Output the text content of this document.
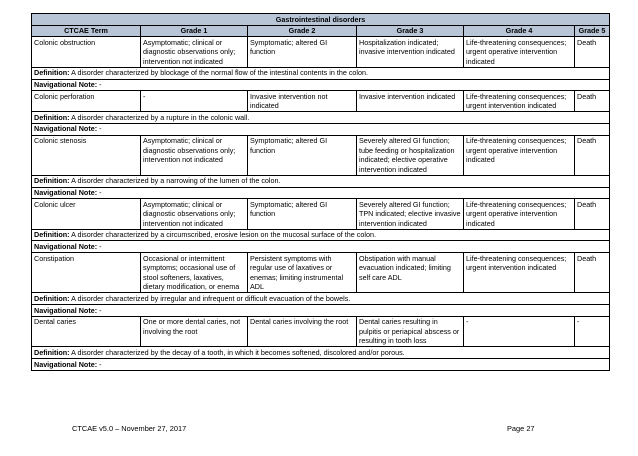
Gastrointestinal disorders					
CTCAE Term	Grade 1	Grade 2	Grade 3	Grade 4	Grade 5
Colonic obstruction	Asymptomatic; clinical or diagnostic observations only; intervention not indicated	Symptomatic; altered GI function	Hospitalization indicated; invasive intervention indicated	Life-threatening consequences; urgent operative intervention indicated	Death
Definition: A disorder characterized by blockage of the normal flow of the intestinal contents in the colon.					
Navigational Note: -					
Colonic perforation	-	Invasive intervention not indicated	Invasive intervention indicated	Life-threatening consequences; urgent intervention indicated	Death
Definition: A disorder characterized by a rupture in the colonic wall.					
Navigational Note: -					
Colonic stenosis	Asymptomatic; clinical or diagnostic observations only; intervention not indicated	Symptomatic; altered GI function	Severely altered GI function; tube feeding or hospitalization indicated; elective operative intervention indicated	Life-threatening consequences; urgent operative intervention indicated	Death
Definition: A disorder characterized by a narrowing of the lumen of the colon.					
Navigational Note: -					
Colonic ulcer	Asymptomatic; clinical or diagnostic observations only; intervention not indicated	Symptomatic; altered GI function	Severely altered GI function; TPN indicated; elective invasive intervention indicated	Life-threatening consequences; urgent operative intervention indicated	Death
Definition: A disorder characterized by a circumscribed, erosive lesion on the mucosal surface of the colon.					
Navigational Note: -					
Constipation	Occasional or intermittent symptoms; occasional use of stool softeners, laxatives, dietary modification, or enema	Persistent symptoms with regular use of laxatives or enemas; limiting instrumental ADL	Obstipation with manual evacuation indicated; limiting self care ADL	Life-threatening consequences; urgent intervention indicated	Death
Definition: A disorder characterized by irregular and infrequent or difficult evacuation of the bowels.					
Navigational Note: -					
Dental caries	One or more dental caries, not involving the root	Dental caries involving the root	Dental caries resulting in pulpitis or periapical abscess or resulting in tooth loss	-	-
Definition: A disorder characterized by the decay of a tooth, in which it becomes softened, discolored and/or porous.					
Navigational Note: -					
CTCAE v5.0 – November 27, 2017	Page 27
